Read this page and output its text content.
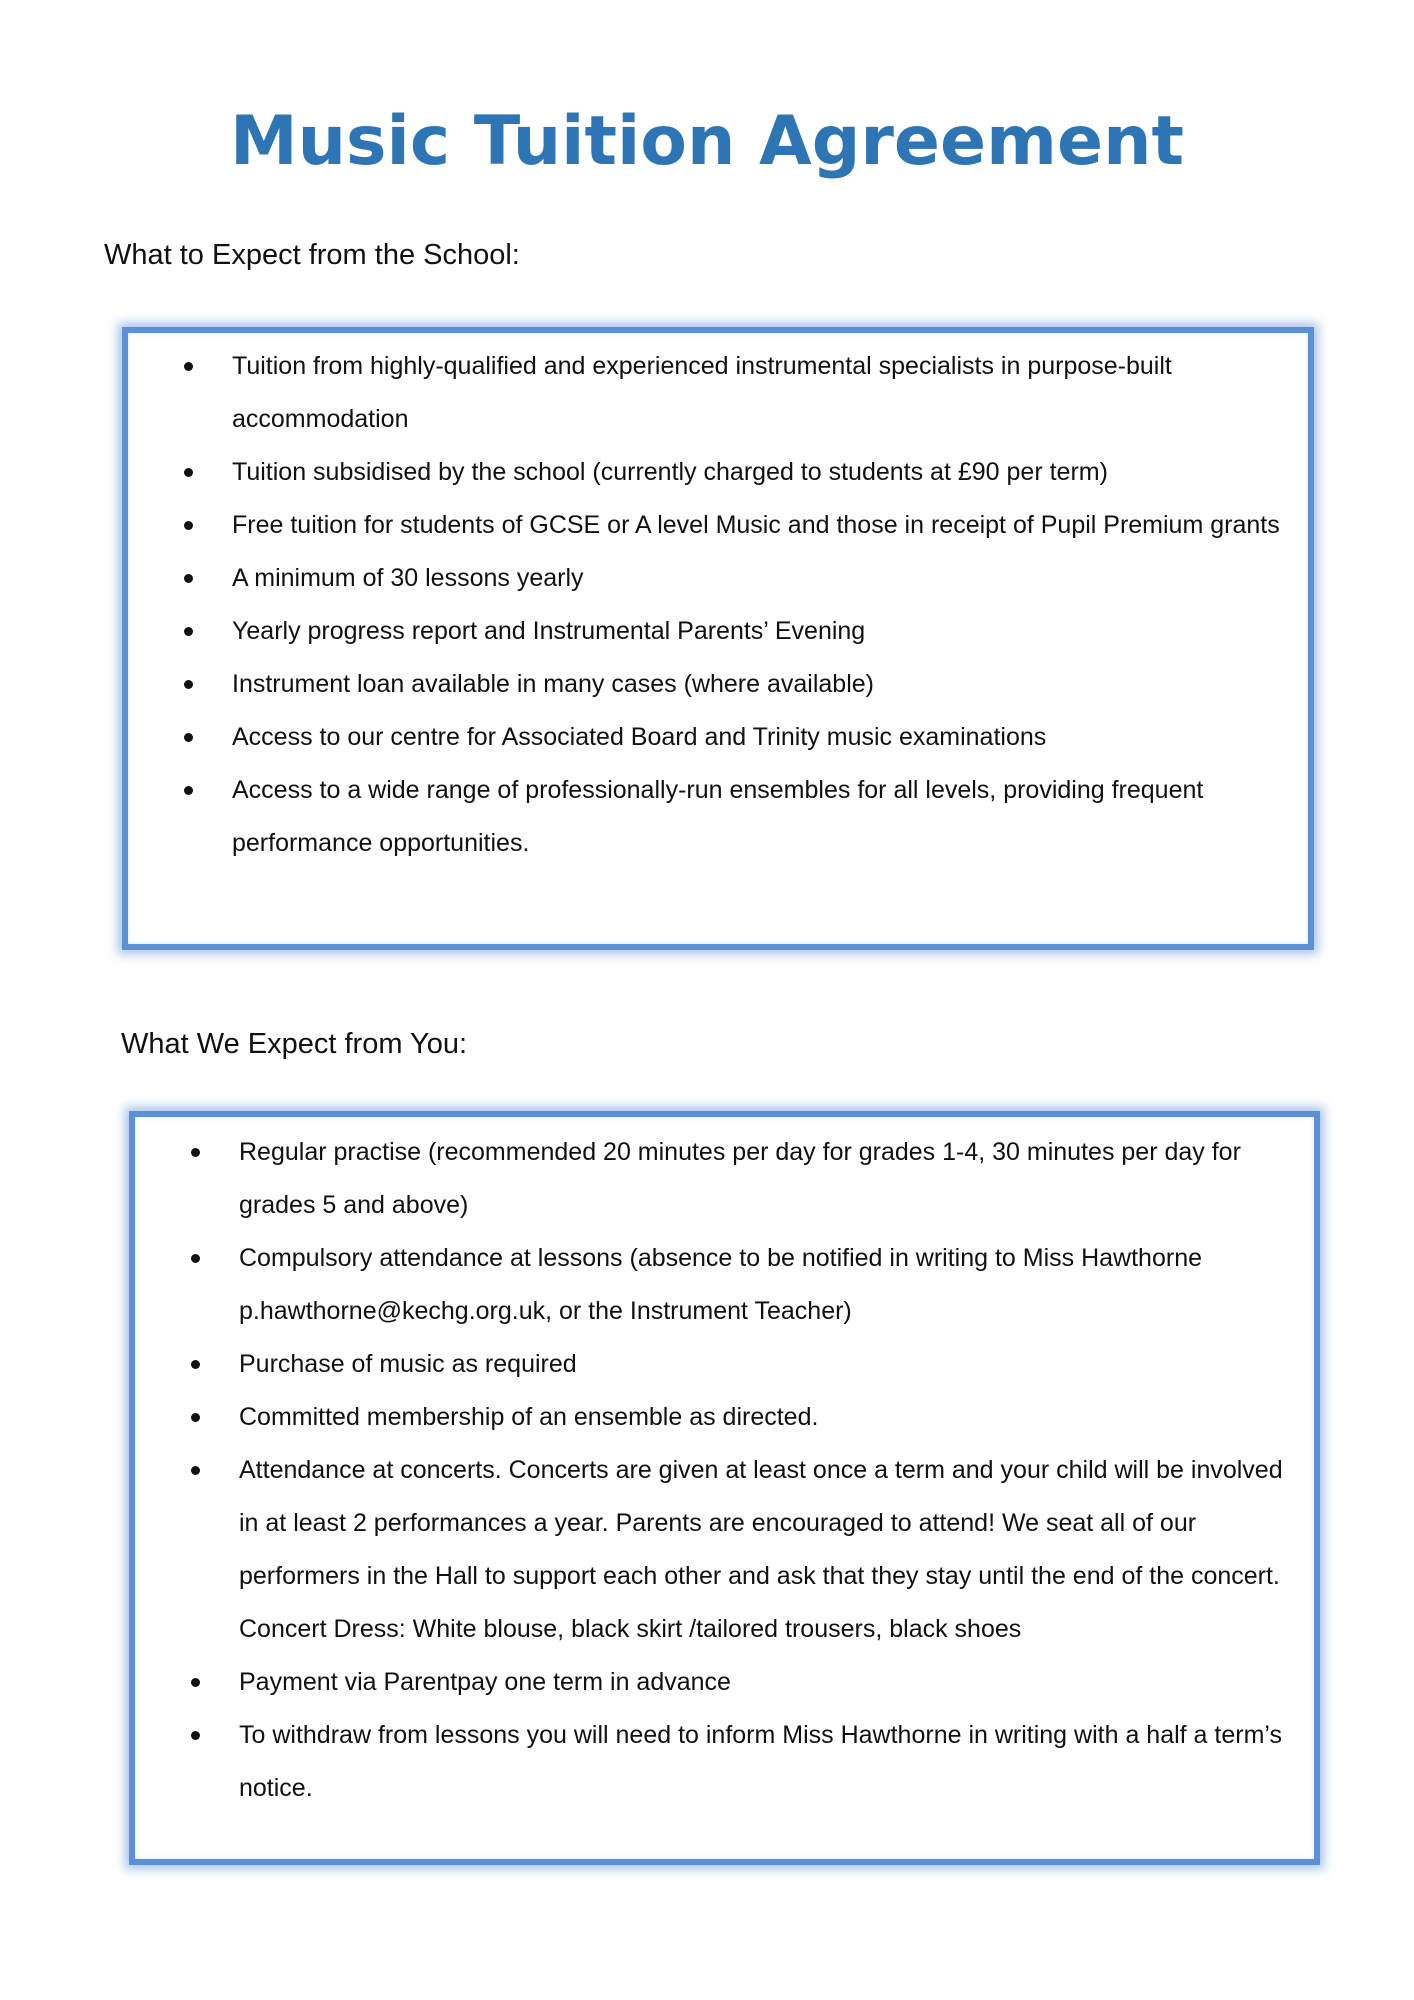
Music Tuition Agreement
What to Expect from the School:
Tuition from highly-qualified and experienced instrumental specialists in purpose-built accommodation
Tuition subsidised by the school (currently charged to students at £90 per term)
Free tuition for students of GCSE or A level Music and those in receipt of Pupil Premium grants
A minimum of 30 lessons yearly
Yearly progress report and Instrumental Parents’ Evening
Instrument loan available in many cases (where available)
Access to our centre for Associated Board and Trinity music examinations
Access to a wide range of professionally-run ensembles for all levels, providing frequent performance opportunities.
What We Expect from You:
Regular practise (recommended 20 minutes per day for grades 1-4, 30 minutes per day for grades 5 and above)
Compulsory attendance at lessons (absence to be notified in writing to Miss Hawthorne p.hawthorne@kechg.org.uk, or the Instrument Teacher)
Purchase of music as required
Committed membership of an ensemble as directed.
Attendance at concerts. Concerts are given at least once a term and your child will be involved in at least 2 performances a year. Parents are encouraged to attend! We seat all of our performers in the Hall to support each other and ask that they stay until the end of the concert. Concert Dress: White blouse, black skirt /tailored trousers, black shoes
Payment via Parentpay one term in advance
To withdraw from lessons you will need to inform Miss Hawthorne in writing with a half a term’s notice.
